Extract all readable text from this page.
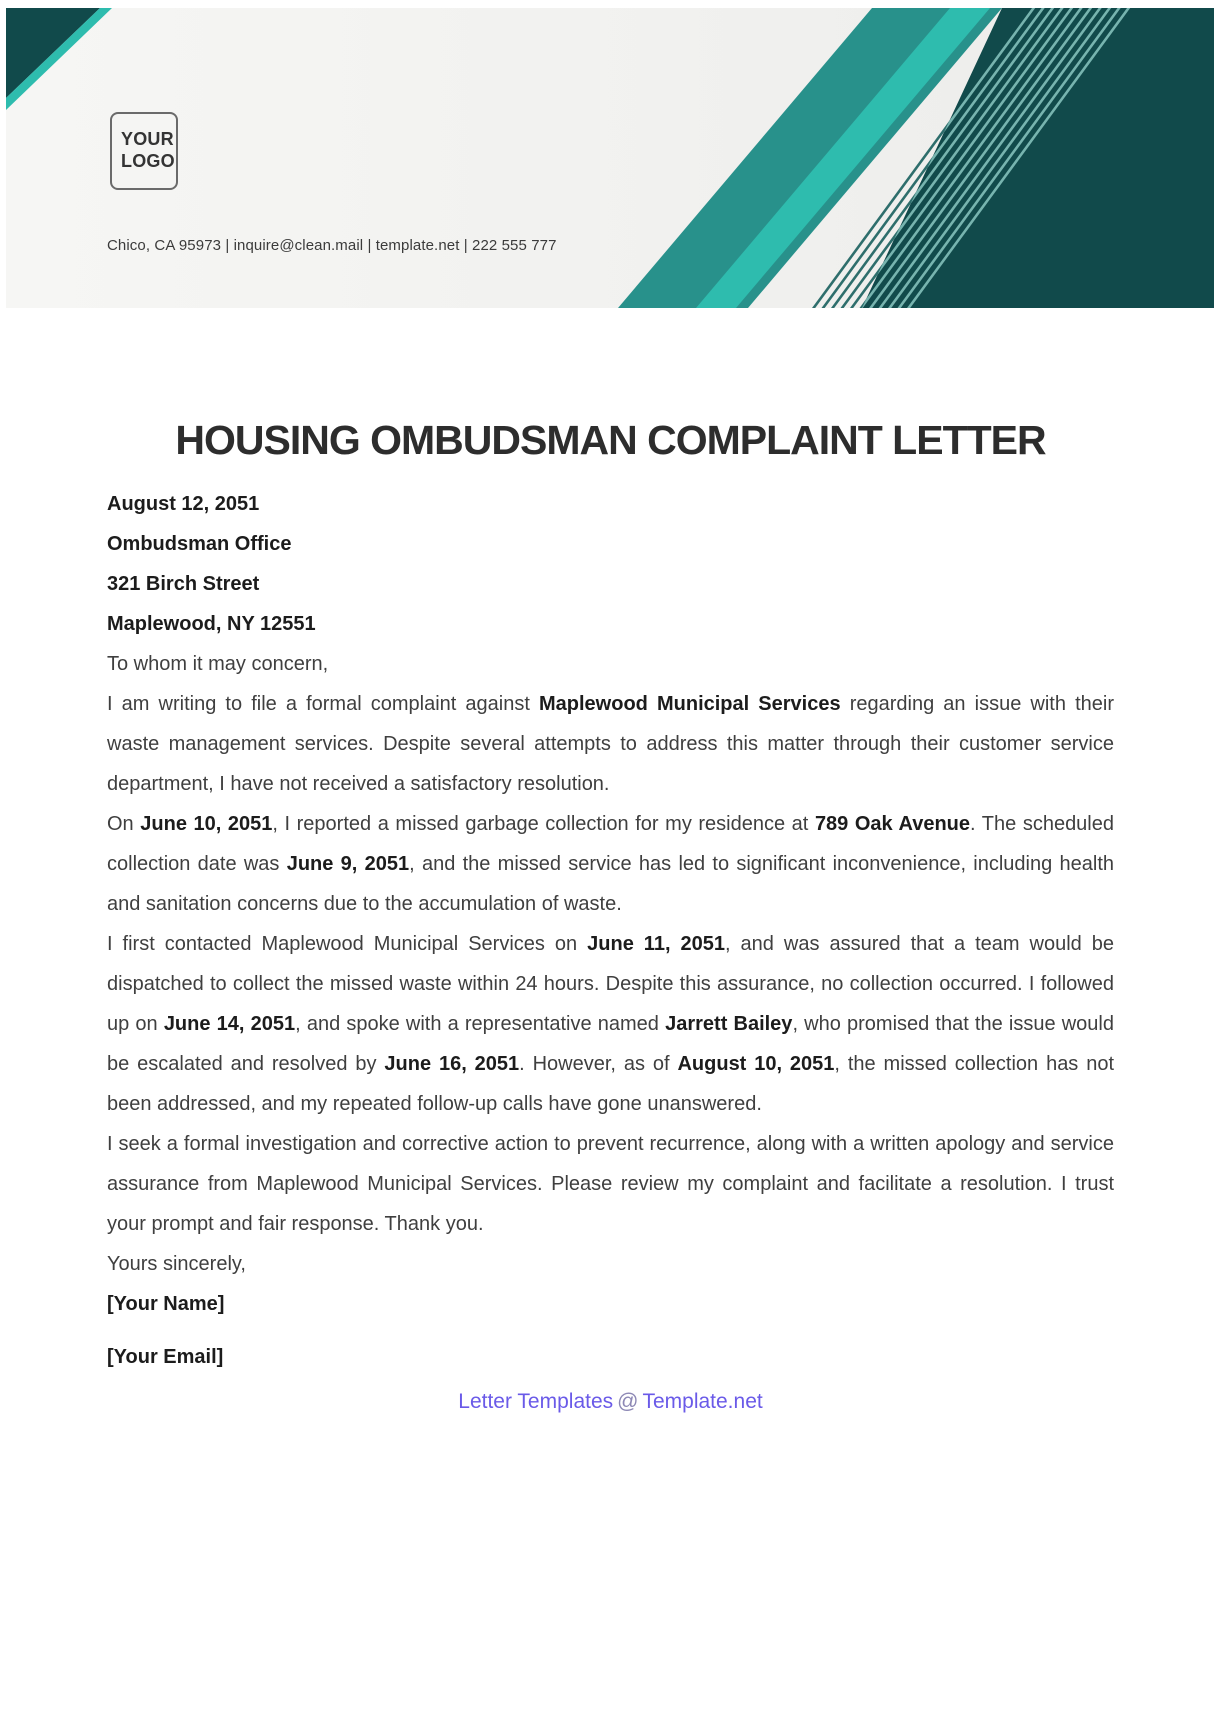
YOUR
LOGO
Chico, CA 95973 | inquire@clean.mail | template.net | 222 555 777
HOUSING OMBUDSMAN COMPLAINT LETTER

August 12, 2051

Ombudsman Office

321 Birch Street

Maplewood, NY 12551

To whom it may concern,

I am writing to file a formal complaint against Maplewood Municipal Services regarding an issue with their waste management services. Despite several attempts to address this matter through their customer service department, I have not received a satisfactory resolution.

On June 10, 2051, I reported a missed garbage collection for my residence at 789 Oak Avenue. The scheduled collection date was June 9, 2051, and the missed service has led to significant inconvenience, including health and sanitation concerns due to the accumulation of waste.

I first contacted Maplewood Municipal Services on June 11, 2051, and was assured that a team would be dispatched to collect the missed waste within 24 hours. Despite this assurance, no collection occurred. I followed up on June 14, 2051, and spoke with a representative named Jarrett Bailey, who promised that the issue would be escalated and resolved by June 16, 2051. However, as of August 10, 2051, the missed collection has not been addressed, and my repeated follow-up calls have gone unanswered.

I seek a formal investigation and corrective action to prevent recurrence, along with a written apology and service assurance from Maplewood Municipal Services. Please review my complaint and facilitate a resolution. I trust your prompt and fair response. Thank you.

Yours sincerely,

[Your Name]

[Your Email]

Letter Templates @ Template.net
